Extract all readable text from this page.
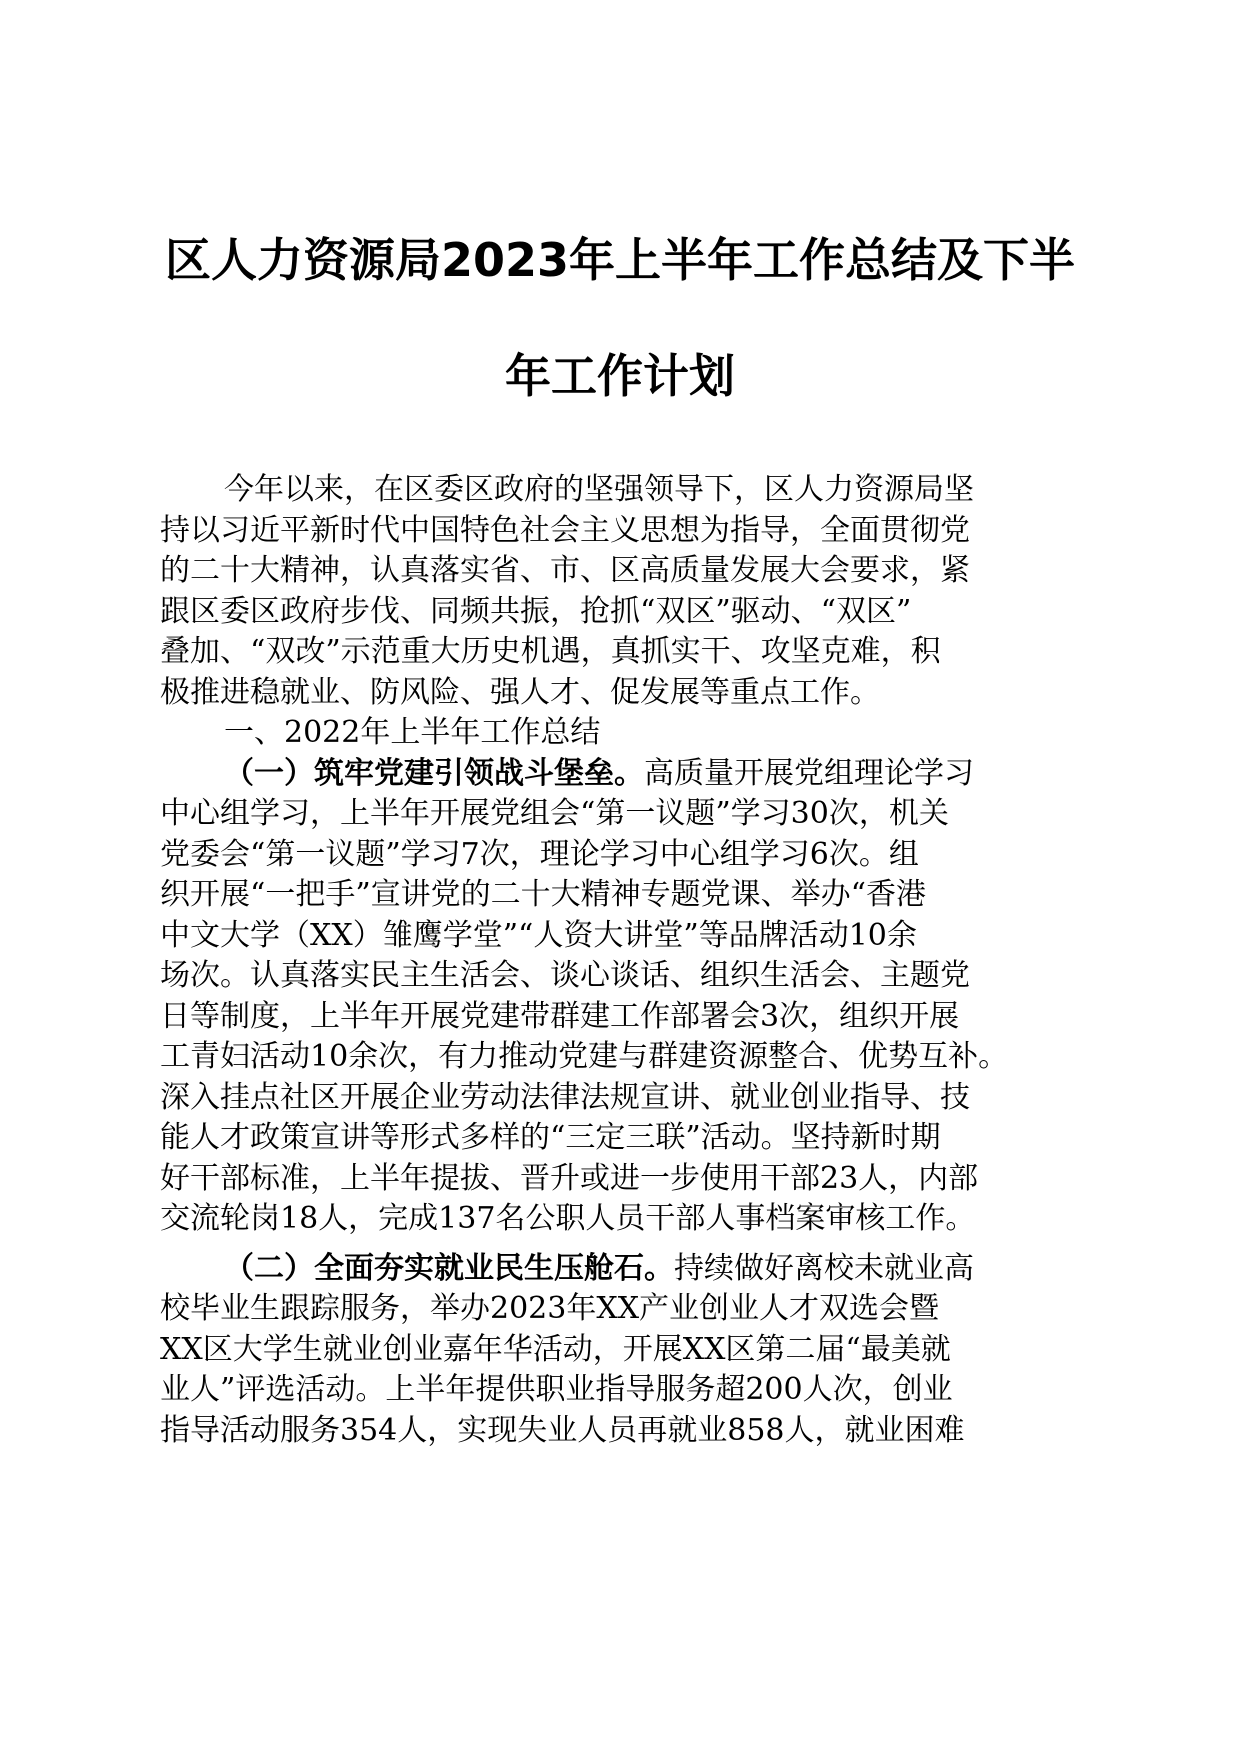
区人力资源局2023年上半年工作总结及下半
年工作计划
今年以来，在区委区政府的坚强领导下，区人力资源局坚
持以习近平新时代中国特色社会主义思想为指导，全面贯彻党
的二十大精神，认真落实省、市、区高质量发展大会要求，紧
跟区委区政府步伐、同频共振，抢抓“双区”驱动、“双区”
叠加、“双改”示范重大历史机遇，真抓实干、攻坚克难，积
极推进稳就业、防风险、强人才、促发展等重点工作。
一、2022年上半年工作总结
（一）筑牢党建引领战斗堡垒。高质量开展党组理论学习
中心组学习，上半年开展党组会“第一议题”学习30次，机关
党委会“第一议题”学习7次，理论学习中心组学习6次。组
织开展“一把手”宣讲党的二十大精神专题党课、举办“香港
中文大学（XX）雏鹰学堂”“人资大讲堂”等品牌活动10余
场次。认真落实民主生活会、谈心谈话、组织生活会、主题党
日等制度，上半年开展党建带群建工作部署会3次，组织开展
工青妇活动10余次，有力推动党建与群建资源整合、优势互补。
深入挂点社区开展企业劳动法律法规宣讲、就业创业指导、技
能人才政策宣讲等形式多样的“三定三联”活动。坚持新时期
好干部标准，上半年提拔、晋升或进一步使用干部23人，内部
交流轮岗18人，完成137名公职人员干部人事档案审核工作。
（二）全面夯实就业民生压舱石。持续做好离校未就业高
校毕业生跟踪服务，举办2023年XX产业创业人才双选会暨
XX区大学生就业创业嘉年华活动，开展XX区第二届“最美就
业人”评选活动。上半年提供职业指导服务超200人次，创业
指导活动服务354人，实现失业人员再就业858人，就业困难
